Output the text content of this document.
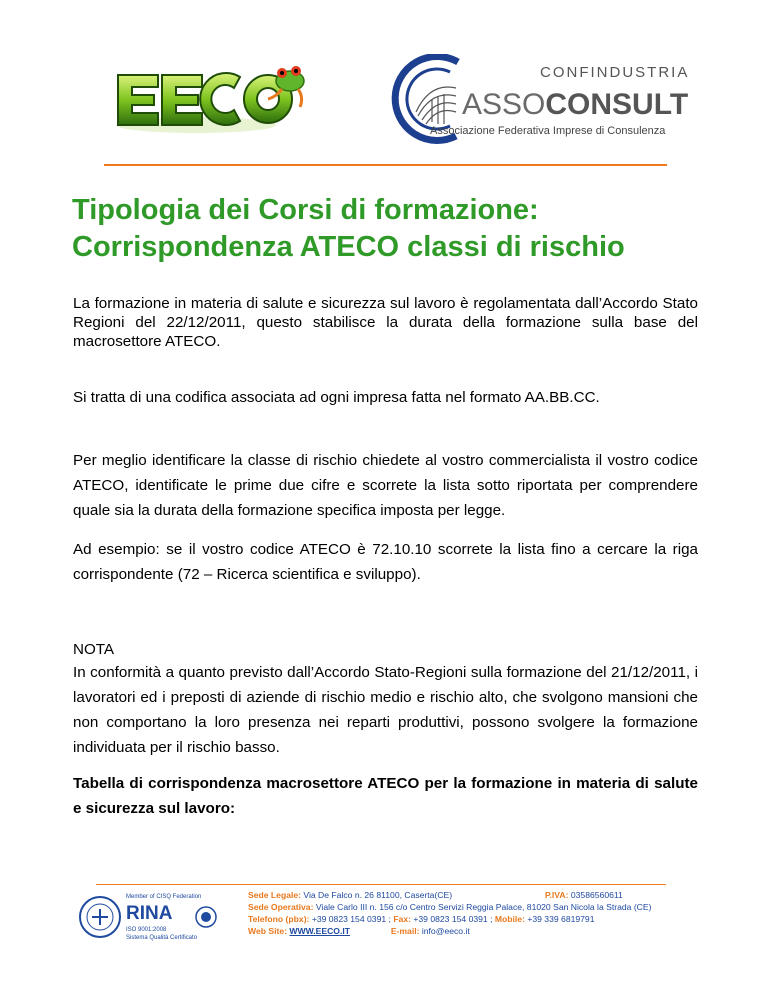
CONFINDUSTRIA
ASSOCONSULT
Associazione Federativa Imprese di Consulenza
Tipologia dei Corsi di formazione:
Corrispondenza ATECO classi di rischio
La formazione in materia di salute e sicurezza sul lavoro è regolamentata dall’Accordo Stato Regioni del 22/12/2011, questo stabilisce la durata della formazione sulla base del macrosettore ATECO.
Si tratta di una codifica associata ad ogni impresa fatta nel formato AA.BB.CC.
Per meglio identificare la classe di rischio chiedete al vostro commercialista il vostro codice ATECO, identificate le prime due cifre e scorrete la lista sotto riportata per comprendere quale sia la durata della formazione specifica imposta per legge.
Ad esempio: se il vostro codice ATECO è 72.10.10 scorrete la lista fino a cercare la riga corrispondente (72 – Ricerca scientifica e sviluppo).
NOTA
In conformità a quanto previsto dall’Accordo Stato-Regioni sulla formazione del 21/12/2011, i lavoratori ed i preposti di aziende di rischio medio e rischio alto, che svolgono mansioni che non comportano la loro presenza nei reparti produttivi, possono svolgere la formazione individuata per il rischio basso.
Tabella di corrispondenza macrosettore ATECO per la formazione in materia di salute e sicurezza sul lavoro:
Member of CISQ Federation
RINA
ISO 9001:2008
Sistema Qualità Certificato
Sede Legale: Via De Falco n. 26 81100, Caserta(CE)	P.IVA: 03586560611
Sede Operativa: Viale Carlo III n. 156 c/o Centro Servizi Reggia Palace, 81020 San Nicola la Strada (CE)
Telefono (pbx): +39 0823 154 0391 ; Fax: +39 0823 154 0391 ; Mobile: +39 339 6819791
Web Site: WWW.EECO.IT	E-mail: info@eeco.it
